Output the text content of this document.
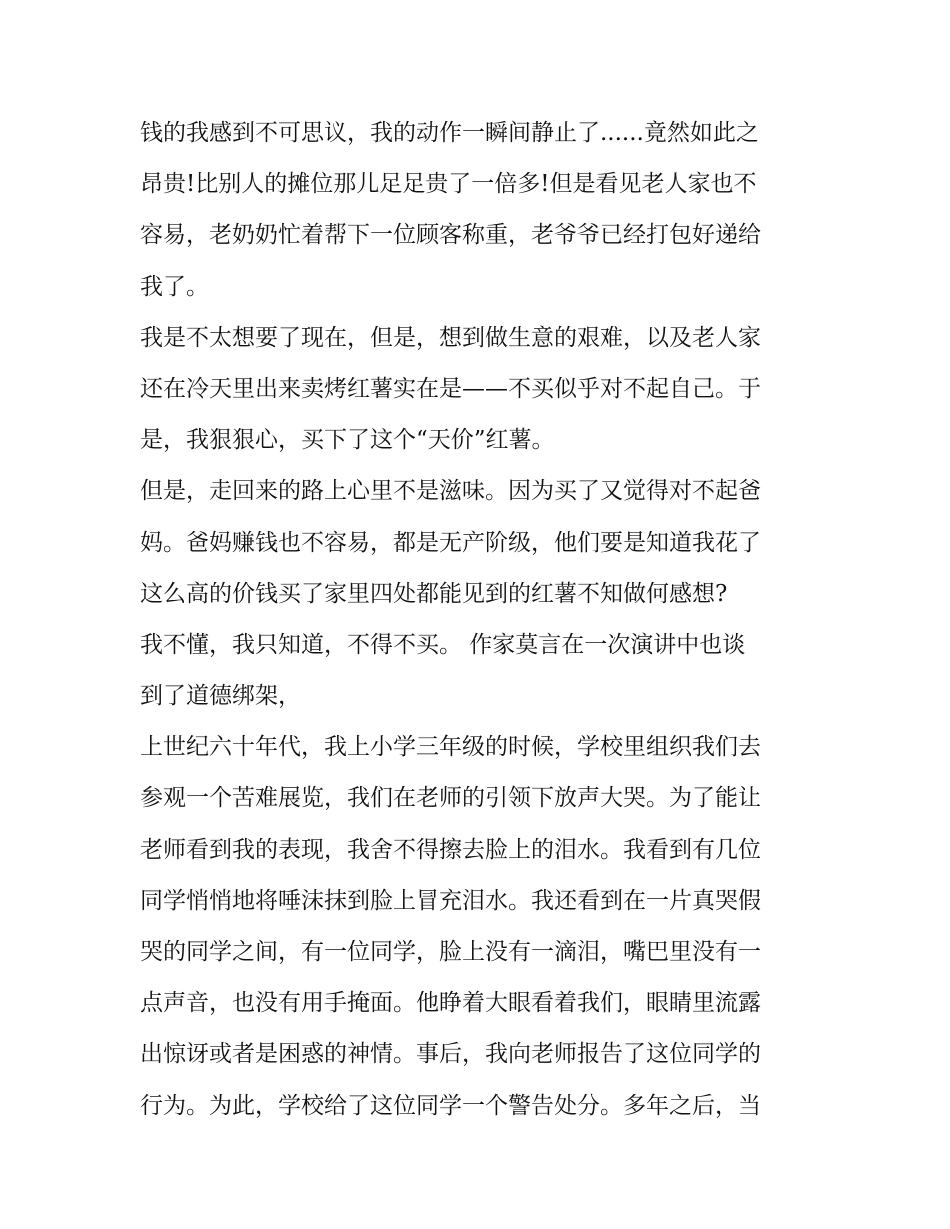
钱的我感到不可思议，我的动作一瞬间静止了......竟然如此之
昂贵!比别人的摊位那儿足足贵了一倍多!但是看见老人家也不
容易，老奶奶忙着帮下一位顾客称重，老爷爷已经打包好递给
我了。
我是不太想要了现在，但是，想到做生意的艰难，以及老人家
还在冷天里出来卖烤红薯实在是——不买似乎对不起自己。于
是，我狠狠心，买下了这个“天价”红薯。
但是，走回来的路上心里不是滋味。因为买了又觉得对不起爸
妈。爸妈赚钱也不容易，都是无产阶级，他们要是知道我花了
这么高的价钱买了家里四处都能见到的红薯不知做何感想?
我不懂，我只知道，不得不买。 作家莫言在一次演讲中也谈
到了道德绑架，
上世纪六十年代，我上小学三年级的时候，学校里组织我们去
参观一个苦难展览，我们在老师的引领下放声大哭。为了能让
老师看到我的表现，我舍不得擦去脸上的泪水。我看到有几位
同学悄悄地将唾沫抹到脸上冒充泪水。我还看到在一片真哭假
哭的同学之间，有一位同学，脸上没有一滴泪，嘴巴里没有一
点声音，也没有用手掩面。他睁着大眼看着我们，眼睛里流露
出惊讶或者是困惑的神情。事后，我向老师报告了这位同学的
行为。为此，学校给了这位同学一个警告处分。多年之后，当
